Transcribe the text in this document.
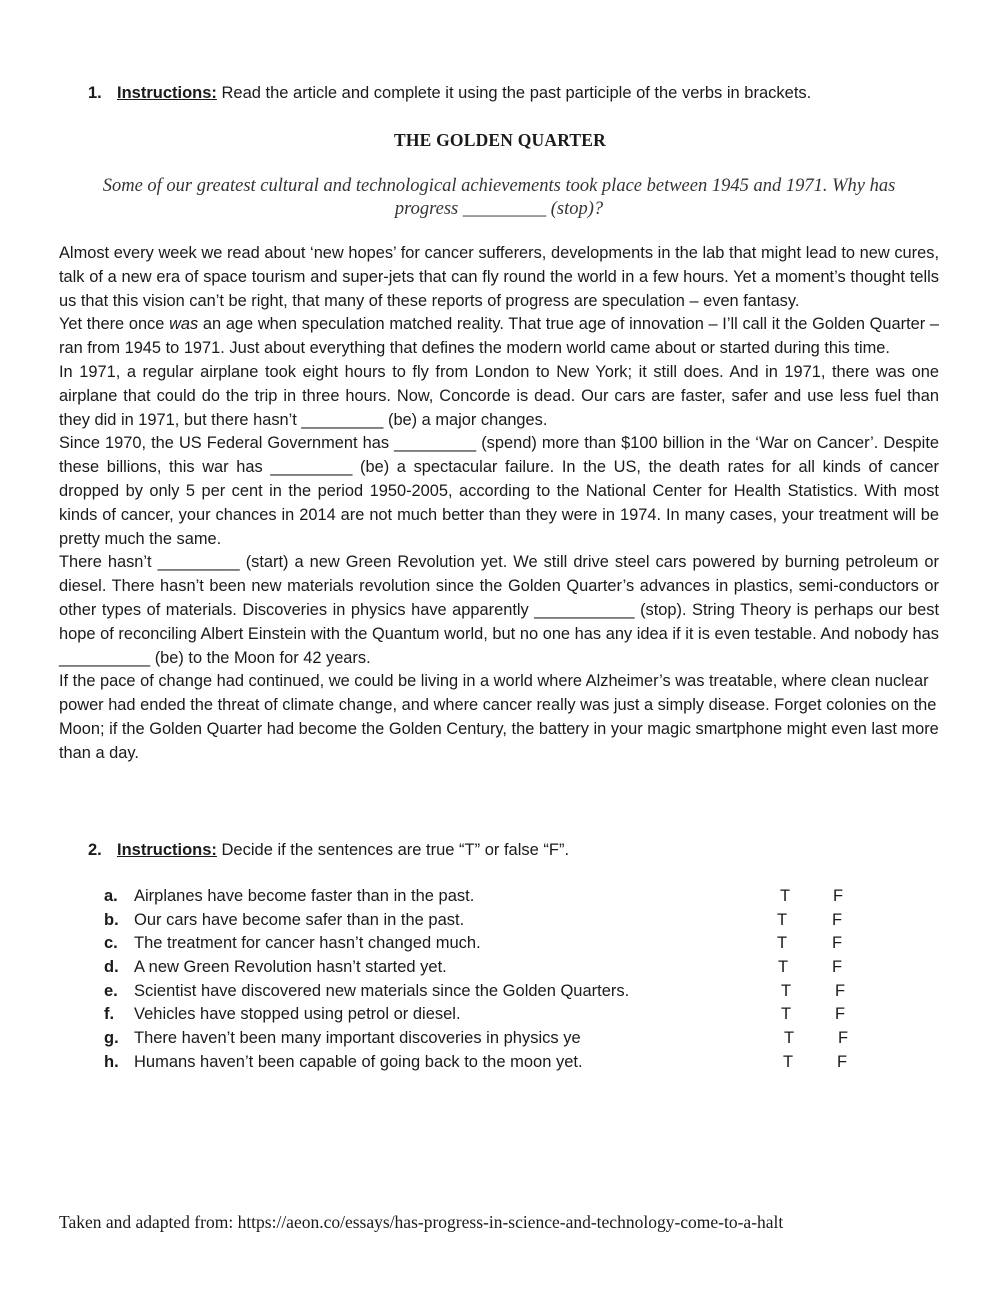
1. Instructions: Read the article and complete it using the past participle of the verbs in brackets.
THE GOLDEN QUARTER
Some of our greatest cultural and technological achievements took place between 1945 and 1971. Why has progress _________ (stop)?

Almost every week we read about ‘new hopes’ for cancer sufferers, developments in the lab that might lead to new cures, talk of a new era of space tourism and super-jets that can fly round the world in a few hours. Yet a moment’s thought tells us that this vision can’t be right, that many of these reports of progress are speculation – even fantasy.

Yet there once was an age when speculation matched reality. That true age of innovation – I’ll call it the Golden Quarter – ran from 1945 to 1971. Just about everything that defines the modern world came about or started during this time.

In 1971, a regular airplane took eight hours to fly from London to New York; it still does. And in 1971, there was one airplane that could do the trip in three hours. Now, Concorde is dead. Our cars are faster, safer and use less fuel than they did in 1971, but there hasn’t _________ (be) a major changes.

Since 1970, the US Federal Government has _________ (spend) more than $100 billion in the ‘War on Cancer’. Despite these billions, this war has _________ (be) a spectacular failure. In the US, the death rates for all kinds of cancer dropped by only 5 per cent in the period 1950-2005, according to the National Center for Health Statistics. With most kinds of cancer, your chances in 2014 are not much better than they were in 1974. In many cases, your treatment will be pretty much the same.

There hasn’t _________ (start) a new Green Revolution yet. We still drive steel cars powered by burning petroleum or diesel. There hasn’t been new materials revolution since the Golden Quarter’s advances in plastics, semi-conductors or other types of materials. Discoveries in physics have apparently ___________ (stop). String Theory is perhaps our best hope of reconciling Albert Einstein with the Quantum world, but no one has any idea if it is even testable. And nobody has __________ (be) to the Moon for 42 years.

If the pace of change had continued, we could be living in a world where Alzheimer’s was treatable, where clean nuclear power had ended the threat of climate change, and where cancer really was just a simply disease. Forget colonies on the Moon; if the Golden Quarter had become the Golden Century, the battery in your magic smartphone might even last more than a day.

2. Instructions: Decide if the sentences are true “T” or false “F”.
a. Airplanes have become faster than in the past.	T	F
b. Our cars have become safer than in the past.	T	F
c. The treatment for cancer hasn’t changed much.	T	F
d. A new Green Revolution hasn’t started yet.	T	F
e. Scientist have discovered new materials since the Golden Quarters.	T	F
f. Vehicles have stopped using petrol or diesel.	T	F
g. There haven’t been many important discoveries in physics ye	T	F
h. Humans haven’t been capable of going back to the moon yet.	T	F
Taken and adapted from: https://aeon.co/essays/has-progress-in-science-and-technology-come-to-a-halt
